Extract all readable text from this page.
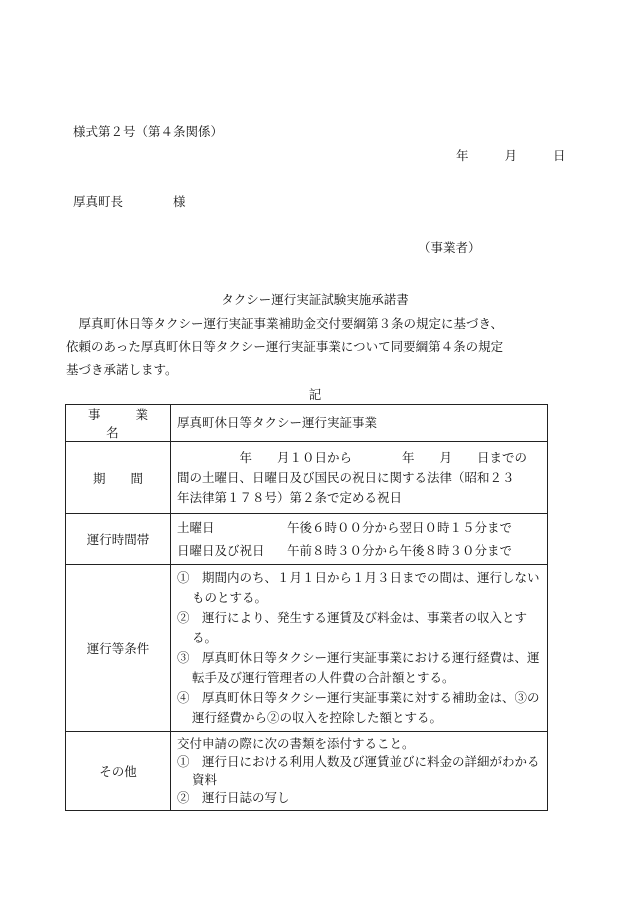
様式第２号（第４条関係）
年	月	日
厚真町長	様
（事業者）
タクシー運行実証試験実施承諾書

　厚真町休日等タクシー運行実証事業補助金交付要綱第３条の規定に基づき、

依頼のあった厚真町休日等タクシー運行実証事業について同要綱第４条の規定

基づき承諾します。

記
事　業　名	厚真町休日等タクシー運行実証事業
期　　間	　　　　　年　　月１０日から　　　　年　　月　　日までの
間の土曜日、日曜日及び国民の祝日に関する法律（昭和２３
年法律第１７８号）第２条で定める祝日

運行時間帯	土曜日 午後６時００分から翌日０時１５分まで
日曜日及び祝日 午前８時３０分から午後８時３０分まで

運行等条件	①　期間内のち、１月１日から１月３日までの間は、運行しないものとする。
②　運行により、発生する運賃及び料金は、事業者の収入とする。
③　厚真町休日等タクシー運行実証事業における運行経費は、運転手及び運行管理者の人件費の合計額とする。
④　厚真町休日等タクシー運行実証事業に対する補助金は、③の運行経費から②の収入を控除した額とする。

その他	交付申請の際に次の書類を添付すること。
①　運行日における利用人数及び運賃並びに料金の詳細がわかる資料
②　運行日誌の写し
